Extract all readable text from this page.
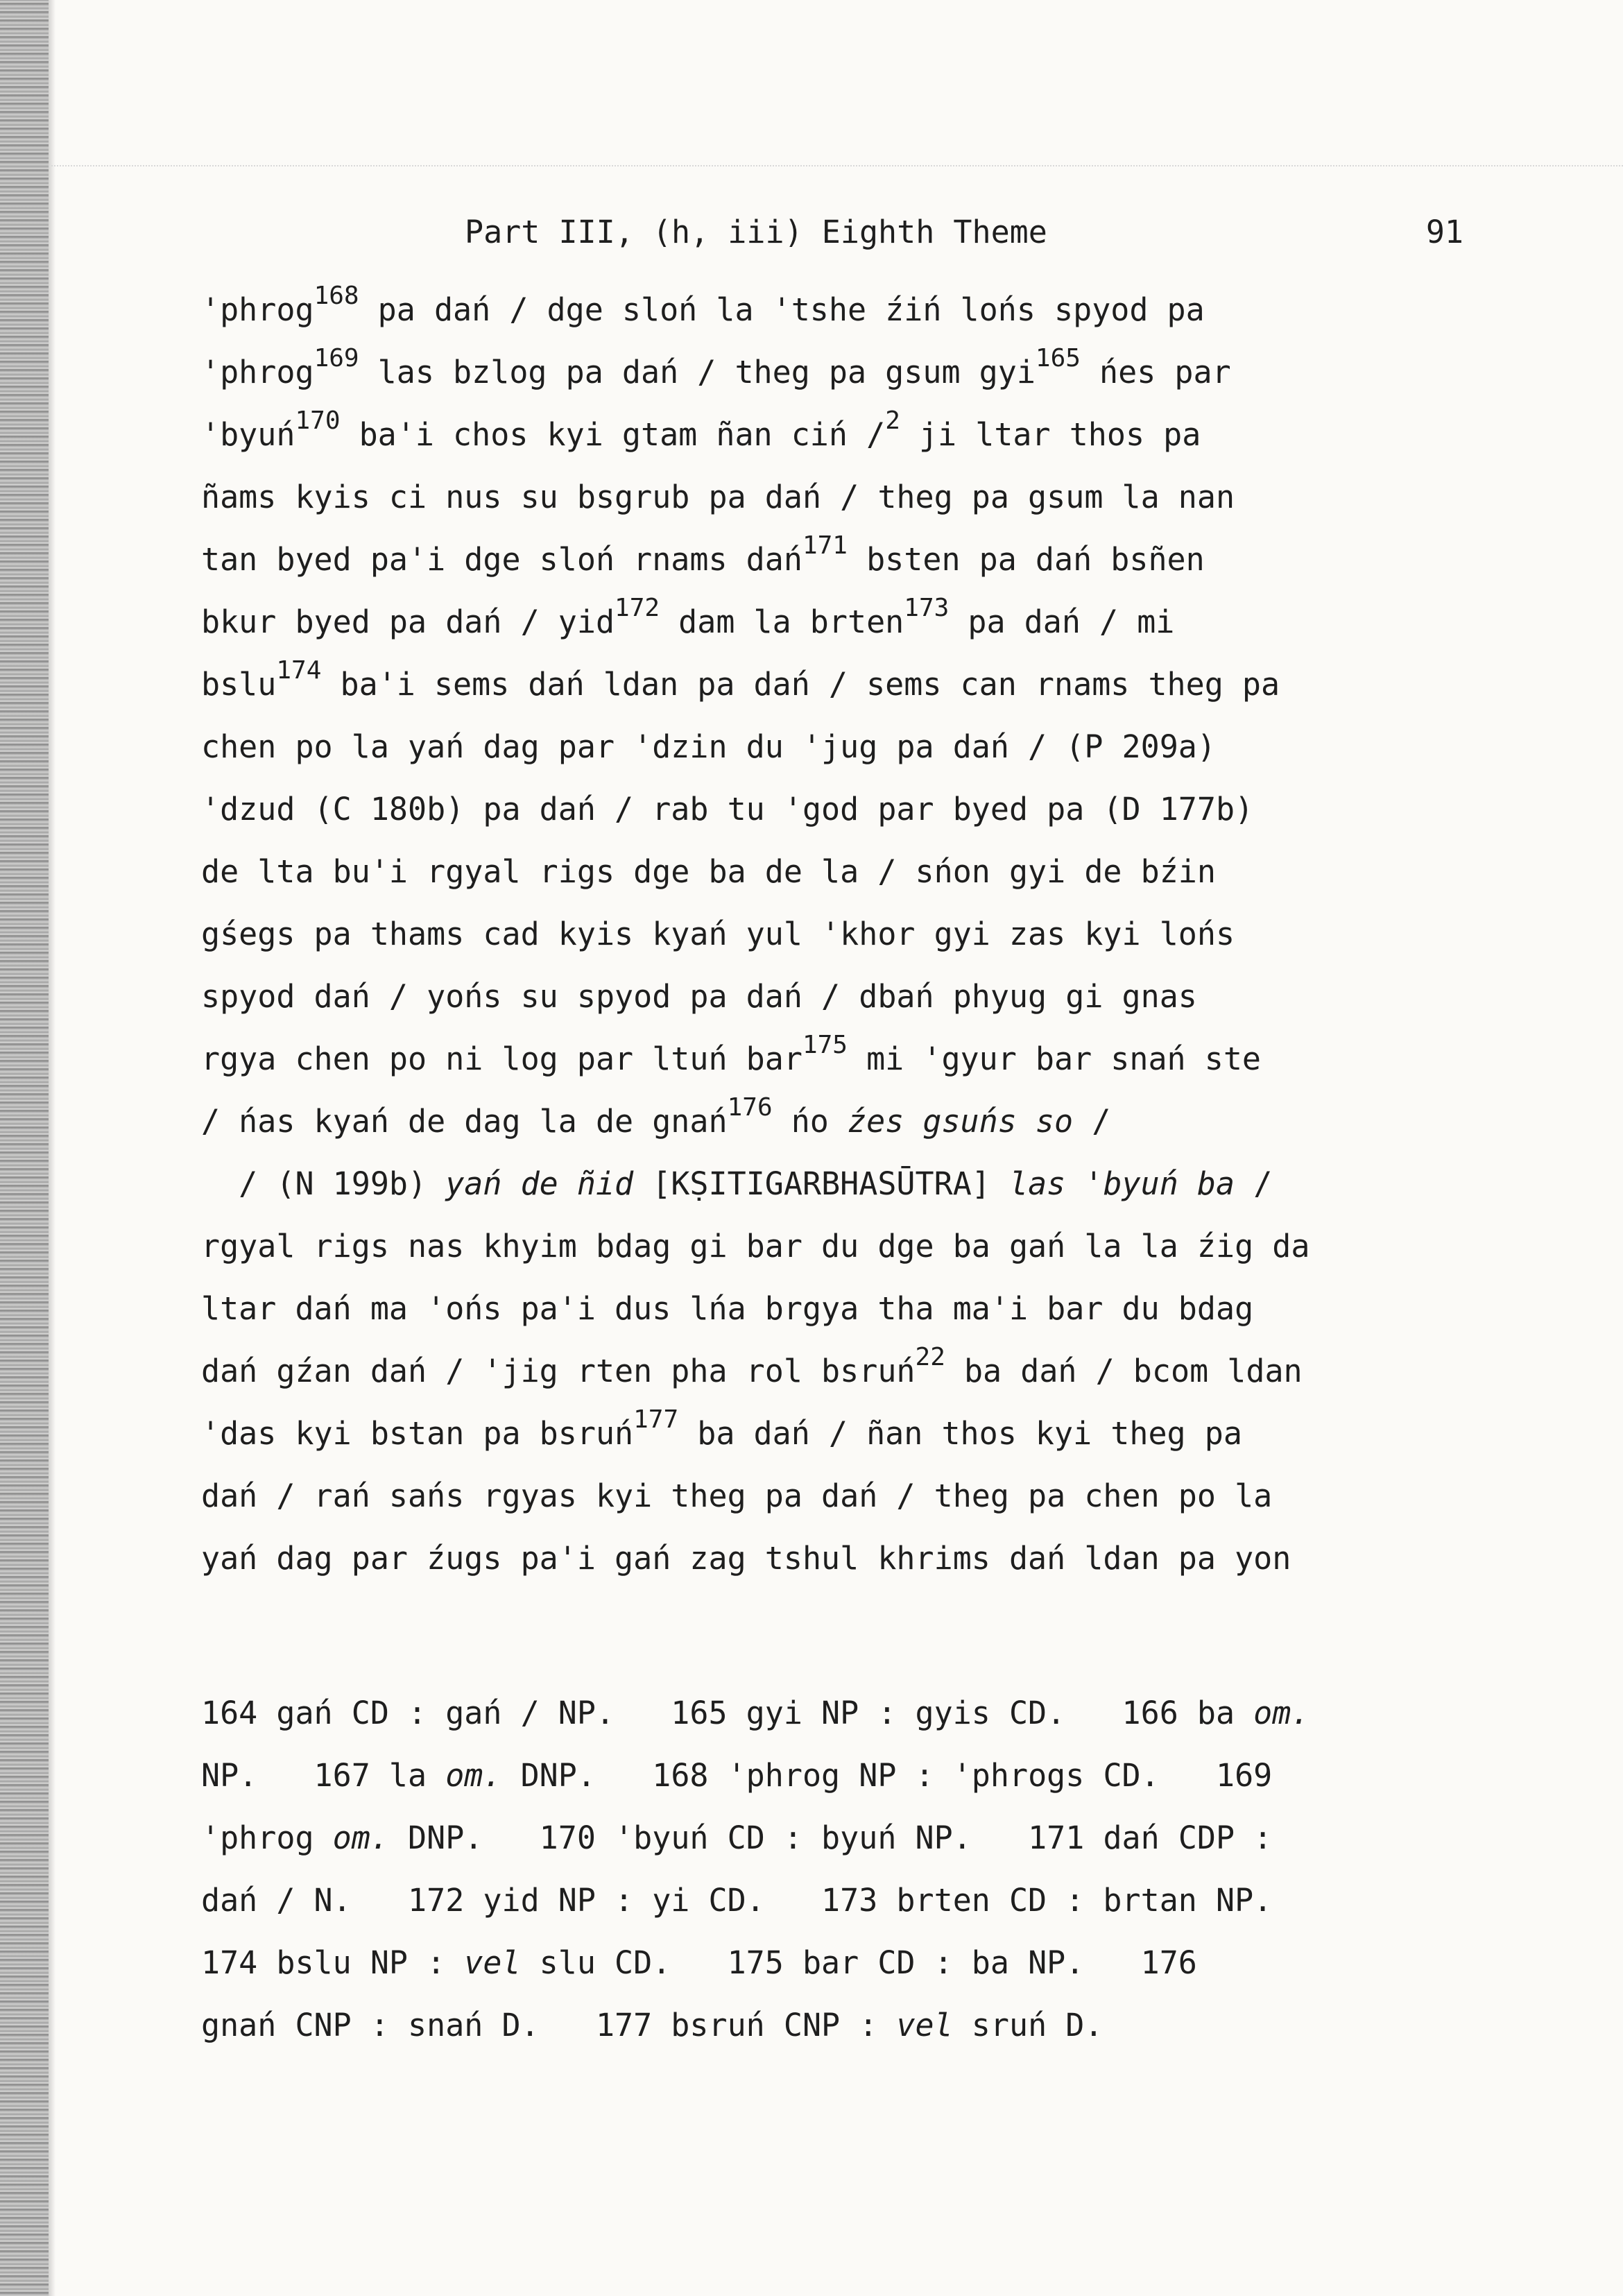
Part III, (h, iii) Eighth Theme	91
'phrog$^{168}$ pa dań / dge sloń la 'tshe źiń lońs spyod pa
'phrog$^{169}$ las bzlog pa dań / theg pa gsum gyi$^{165}$ ńes par
'byuń$^{170}$ ba'i chos kyi gtam ñan ciń /$^2$ ji ltar thos pa
ñams kyis ci nus su bsgrub pa dań / theg pa gsum la nan
tan byed pa'i dge sloń rnams dań$^{171}$ bsten pa dań bsñen
bkur byed pa dań / yid$^{172}$ dam la brten$^{173}$ pa dań / mi
bslu$^{174}$ ba'i sems dań ldan pa dań / sems can rnams theg pa
chen po la yań dag par 'dzin du 'jug pa dań / (P 209a)
'dzud (C 180b) pa dań / rab tu 'god par byed pa (D 177b)
de lta bu'i rgyal rigs dge ba de la / sńon gyi de bźin
gśegs pa thams cad kyis kyań yul 'khor gyi zas kyi lońs
spyod dań / yońs su spyod pa dań / dbań phyug gi gnas
rgya chen po ni log par ltuń bar$^{175}$ mi 'gyur bar snań ste
/ ńas kyań de dag la de gnań$^{176}$ ńo źes gsuńs so /
/ (N 199b) yań de ñid [KṢITIGARBHASŪTRA] las 'byuń ba /
rgyal rigs nas khyim bdag gi bar du dge ba gań la la źig da
ltar dań ma 'ońs pa'i dus lńa brgya tha ma'i bar du bdag
dań gźan dań / 'jig rten pha rol bsruń$^{22}$ ba dań / bcom ldan
'das kyi bstan pa bsruń$^{177}$ ba dań / ñan thos kyi theg pa
dań / rań sańs rgyas kyi theg pa dań / theg pa chen po la
yań dag par źugs pa'i gań zag tshul khrims dań ldan pa yon
164 gań CD : gań / NP.   165 gyi NP : gyis CD.   166 ba om.
NP.   167 la om. DNP.   168 'phrog NP : 'phrogs CD.   169
'phrog om. DNP.   170 'byuń CD : byuń NP.   171 dań CDP :
dań / N.   172 yid NP : yi CD.   173 brten CD : brtan NP.
174 bslu NP : vel slu CD.   175 bar CD : ba NP.   176
gnań CNP : snań D.   177 bsruń CNP : vel sruń D.
